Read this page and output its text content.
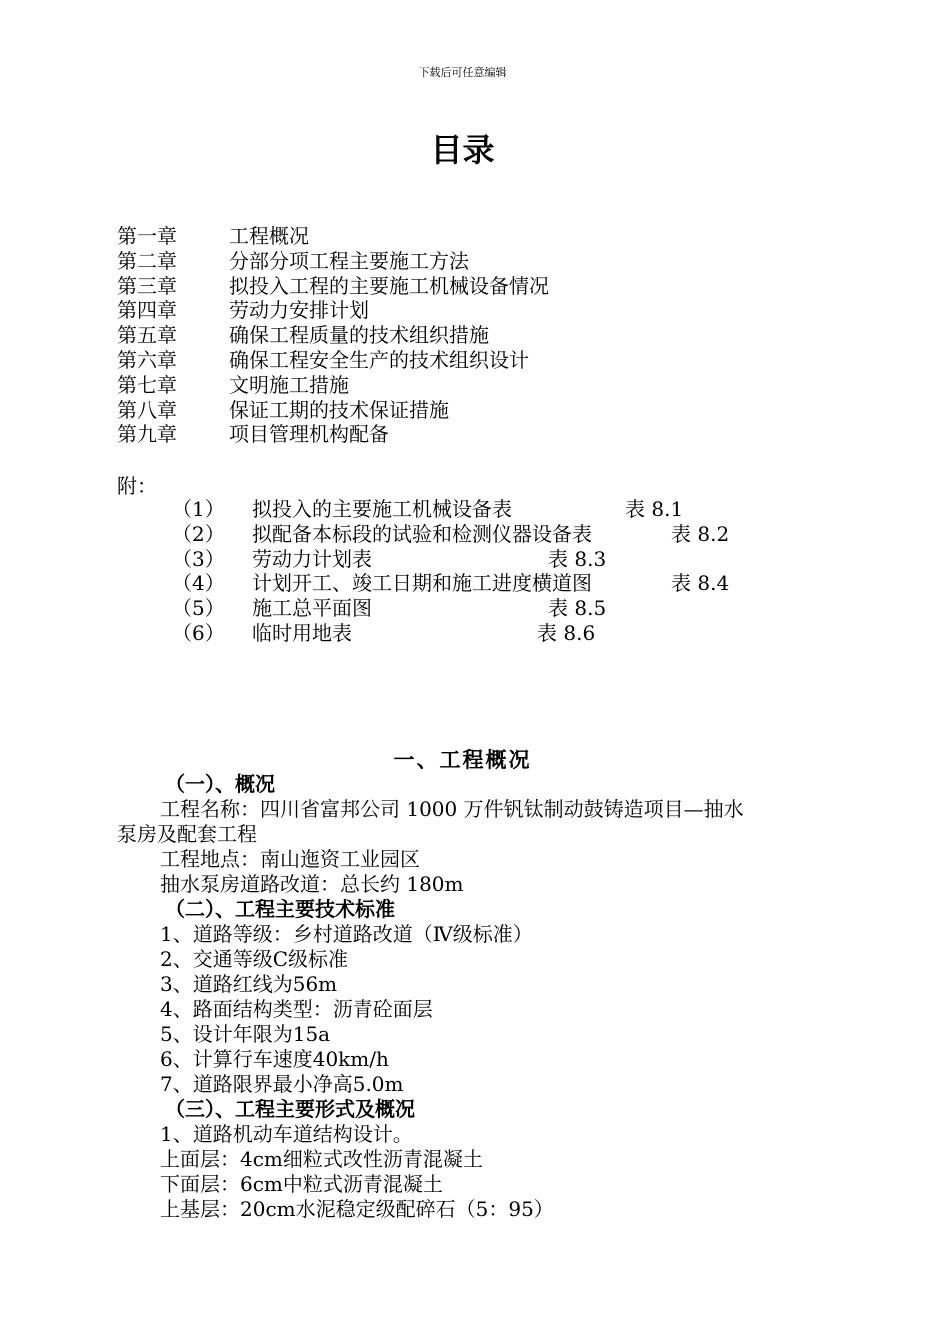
下载后可任意编辑
目录
第一章	工程概况
第二章	分部分项工程主要施工方法
第三章	拟投入工程的主要施工机械设备情况
第四章	劳动力安排计划
第五章	确保工程质量的技术组织措施
第六章	确保工程安全生产的技术组织设计
第七章	文明施工措施
第八章	保证工期的技术保证措施
第九章	项目管理机构配备
附：
（1） 拟投入的主要施工机械设备表	表 8.1
（2） 拟配备本标段的试验和检测仪器设备表	表 8.2
（3） 劳动力计划表	表 8.3
（4） 计划开工、竣工日期和施工进度横道图	表 8.4
（5） 施工总平面图	表 8.5
（6） 临时用地表	表 8.6
一、工程概况
（一）、概况
工程名称：四川省富邦公司 1000 万件钒钛制动鼓铸造项目—抽水
泵房及配套工程
工程地点：南山迤资工业园区
抽水泵房道路改道：总长约 180m
（二）、工程主要技术标准
1、道路等级：乡村道路改道（Ⅳ级标准）
2、交通等级C级标准
3、道路红线为56m
4、路面结构类型：沥青砼面层
5、设计年限为15a
6、计算行车速度40km/h
7、道路限界最小净高5.0m
（三）、工程主要形式及概况
1、道路机动车道结构设计。
上面层：4cm细粒式改性沥青混凝土
下面层：6cm中粒式沥青混凝土
上基层：20cm水泥稳定级配碎石（5：95）
